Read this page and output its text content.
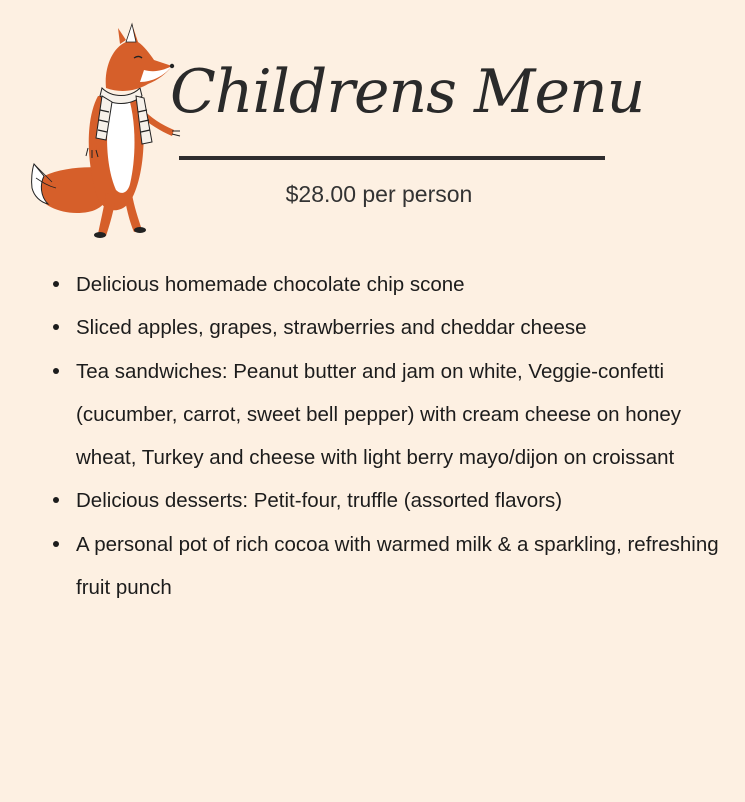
Childrens Menu
$28.00 per person
Delicious homemade chocolate chip scone
Sliced apples, grapes, strawberries and cheddar cheese
Tea sandwiches: Peanut butter and jam on white, Veggie-confetti (cucumber, carrot, sweet bell pepper) with cream cheese on honey wheat, Turkey and cheese with light berry mayo/dijon on croissant
Delicious desserts: Petit-four, truffle (assorted flavors)
A personal pot of rich cocoa with warmed milk & a sparkling, refreshing fruit punch
